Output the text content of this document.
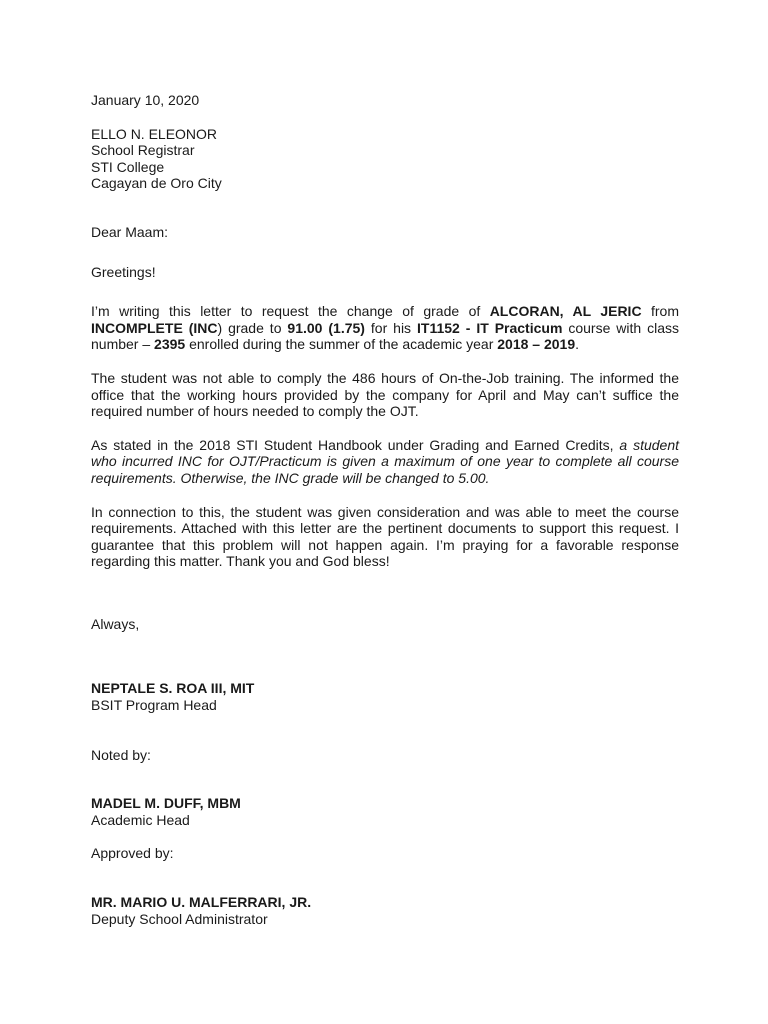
January 10, 2020
ELLO N. ELEONOR
School Registrar
STI College
Cagayan de Oro City
Dear Maam:
Greetings!

I’m writing this letter to request the change of grade of ALCORAN, AL JERIC from INCOMPLETE (INC) grade to 91.00 (1.75) for his IT1152 - IT Practicum course with class number – 2395 enrolled during the summer of the academic year 2018 – 2019.

The student was not able to comply the 486 hours of On-the-Job training. The informed the office that the working hours provided by the company for April and May can’t suffice the required number of hours needed to comply the OJT.

As stated in the 2018 STI Student Handbook under Grading and Earned Credits, a student who incurred INC for OJT/Practicum is given a maximum of one year to complete all course requirements. Otherwise, the INC grade will be changed to 5.00.

In connection to this, the student was given consideration and was able to meet the course requirements. Attached with this letter are the pertinent documents to support this request. I guarantee that this problem will not happen again. I’m praying for a favorable response regarding this matter. Thank you and God bless!

Always,
NEPTALE S. ROA III, MIT
BSIT Program Head
Noted by:
MADEL M. DUFF, MBM
Academic Head
Approved by:
MR. MARIO U. MALFERRARI, JR.
Deputy School Administrator
